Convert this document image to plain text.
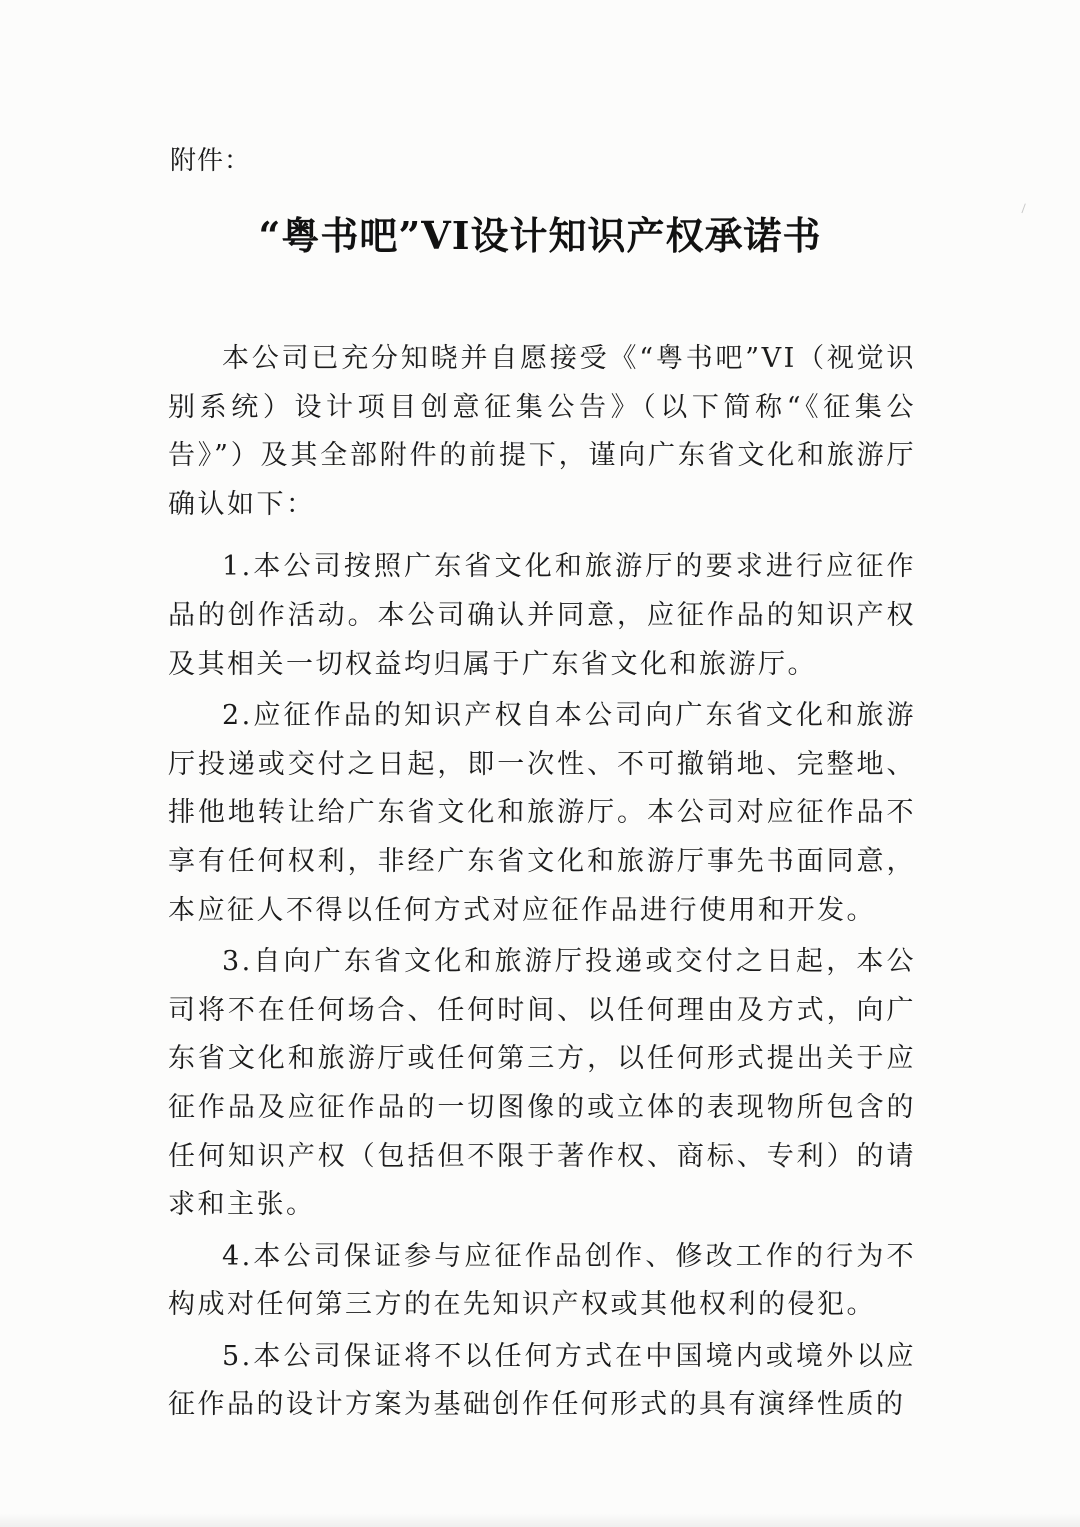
附件：
“粤书吧”VI设计知识产权承诺书

本公司已充分知晓并自愿接受《“粤书吧”VI（视觉识别系统）设计项目创意征集公告》（以下简称“《征集公告》”）及其全部附件的前提下，谨向广东省文化和旅游厅确认如下：

1.本公司按照广东省文化和旅游厅的要求进行应征作品的创作活动。本公司确认并同意，应征作品的知识产权及其相关一切权益均归属于广东省文化和旅游厅。

2.应征作品的知识产权自本公司向广东省文化和旅游厅投递或交付之日起，即一次性、不可撤销地、完整地、排他地转让给广东省文化和旅游厅。本公司对应征作品不享有任何权利，非经广东省文化和旅游厅事先书面同意，本应征人不得以任何方式对应征作品进行使用和开发。

3.自向广东省文化和旅游厅投递或交付之日起，本公司将不在任何场合、任何时间、以任何理由及方式，向广东省文化和旅游厅或任何第三方，以任何形式提出关于应征作品及应征作品的一切图像的或立体的表现物所包含的任何知识产权（包括但不限于著作权、商标、专利）的请求和主张。

4.本公司保证参与应征作品创作、修改工作的行为不构成对任何第三方的在先知识产权或其他权利的侵犯。

5.本公司保证将不以任何方式在中国境内或境外以应征作品的设计方案为基础创作任何形式的具有演绎性质的
